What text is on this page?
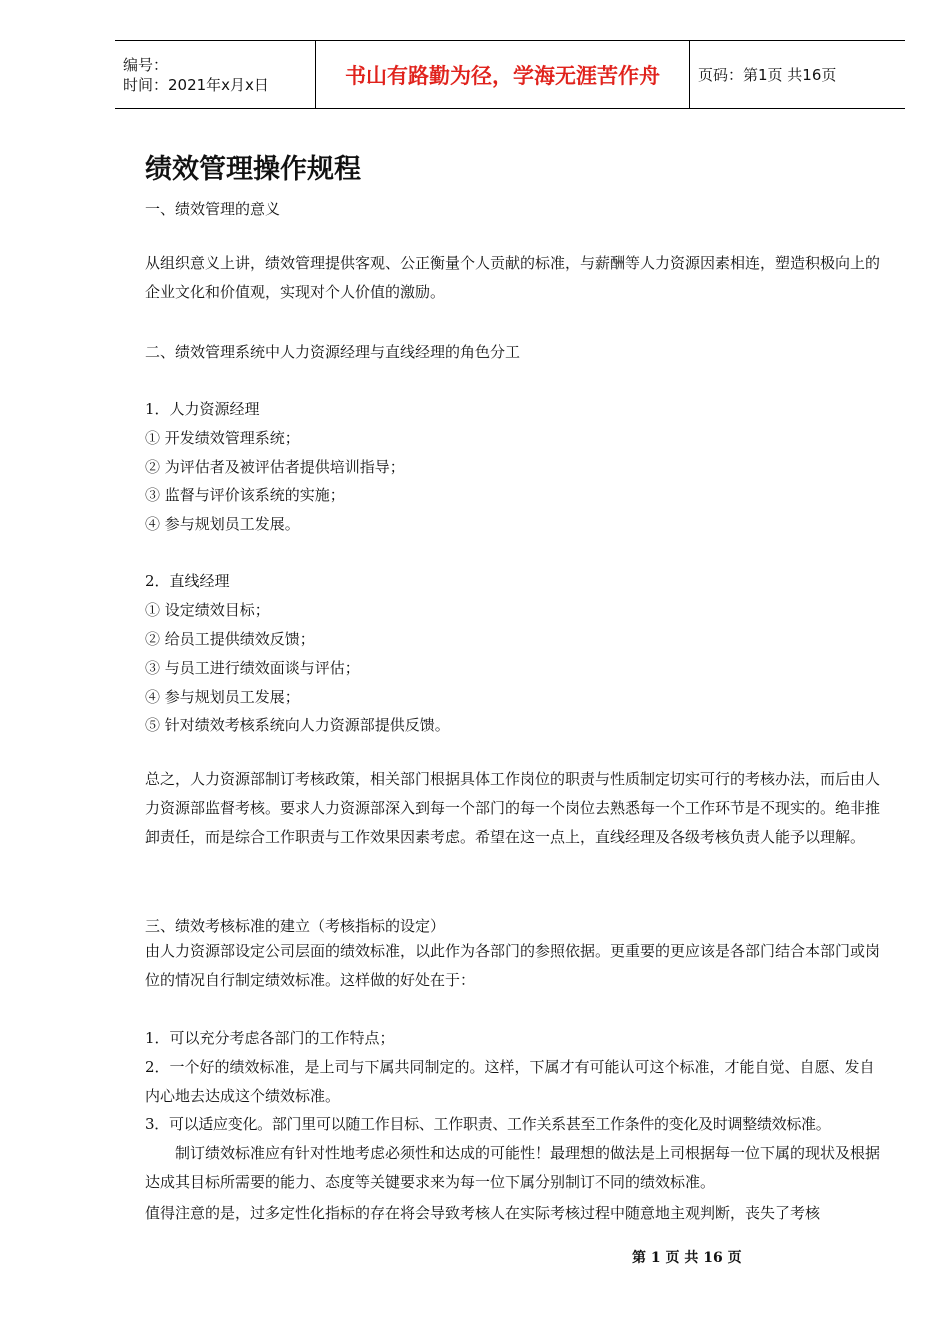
编号：
时间：2021年x月x日	书山有路勤为径，学海无涯苦作舟	页码：第1页 共16页
绩效管理操作规程

一、绩效管理的意义

从组织意义上讲，绩效管理提供客观、公正衡量个人贡献的标准，与薪酬等人力资源因素相连，塑造积极向上的企业文化和价值观，实现对个人价值的激励。

二、绩效管理系统中人力资源经理与直线经理的角色分工

1．人力资源经理

① 开发绩效管理系统；

② 为评估者及被评估者提供培训指导；

③ 监督与评价该系统的实施；

④ 参与规划员工发展。

2．直线经理

① 设定绩效目标；

② 给员工提供绩效反馈；

③ 与员工进行绩效面谈与评估；

④ 参与规划员工发展；

⑤ 针对绩效考核系统向人力资源部提供反馈。

总之，人力资源部制订考核政策，相关部门根据具体工作岗位的职责与性质制定切实可行的考核办法，而后由人力资源部监督考核。要求人力资源部深入到每一个部门的每一个岗位去熟悉每一个工作环节是不现实的。绝非推卸责任，而是综合工作职责与工作效果因素考虑。希望在这一点上，直线经理及各级考核负责人能予以理解。

三、绩效考核标准的建立（考核指标的设定）

由人力资源部设定公司层面的绩效标准，以此作为各部门的参照依据。更重要的更应该是各部门结合本部门或岗位的情况自行制定绩效标准。这样做的好处在于：

1．可以充分考虑各部门的工作特点；

2．一个好的绩效标准，是上司与下属共同制定的。这样，下属才有可能认可这个标准，才能自觉、自愿、发自内心地去达成这个绩效标准。

3．可以适应变化。部门里可以随工作目标、工作职责、工作关系甚至工作条件的变化及时调整绩效标准。

制订绩效标准应有针对性地考虑必须性和达成的可能性！最理想的做法是上司根据每一位下属的现状及根据达成其目标所需要的能力、态度等关键要求来为每一位下属分别制订不同的绩效标准。

值得注意的是，过多定性化指标的存在将会导致考核人在实际考核过程中随意地主观判断，丧失了考核

第 1 页 共 16 页
